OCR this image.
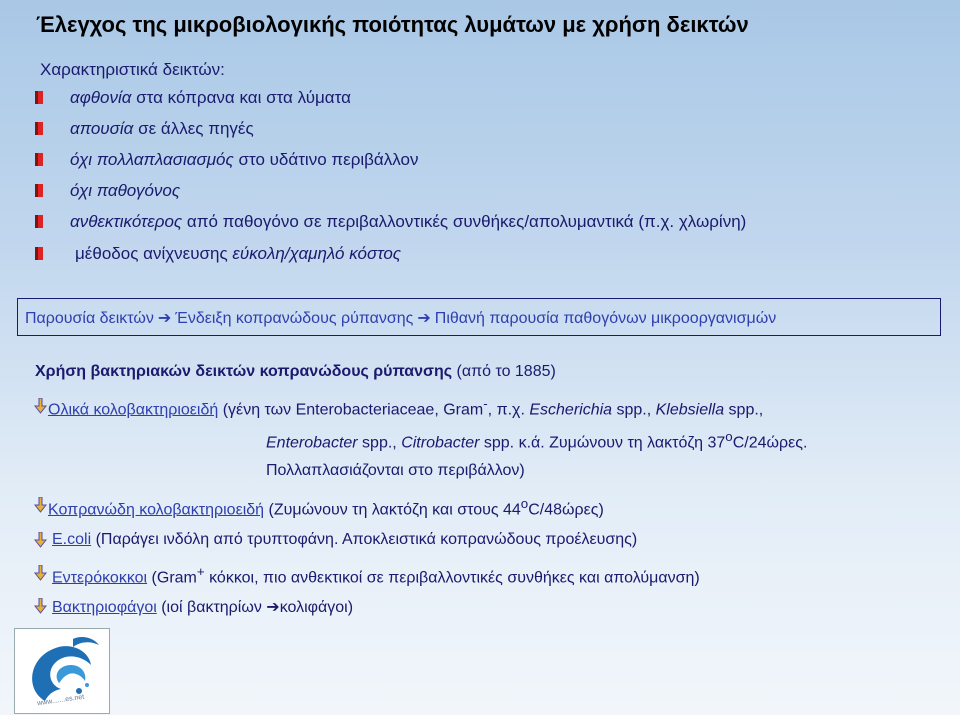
Έλεγχος της μικροβιολογικής ποιότητας λυμάτων με χρήση δεικτών
Χαρακτηριστικά δεικτών:
αφθονία στα κόπρανα και στα λύματα
απουσία σε άλλες πηγές
όχι πολλαπλασιασμός στο υδάτινο περιβάλλον
όχι παθογόνος
ανθεκτικότερος από παθογόνο σε περιβαλλοντικές συνθήκες/απολυμαντικά (π.χ. χλωρίνη)
μέθοδος ανίχνευσης εύκολη/χαμηλό κόστος
Παρουσία δεικτών ➔ Ένδειξη κοπρανώδους ρύπανσης ➔ Πιθανή παρουσία παθογόνων μικροοργανισμών
Χρήση βακτηριακών δεικτών κοπρανώδους ρύπανσης (από το 1885)
Ολικά κολοβακτηριοειδή (γένη των Enterobacteriaceae, Gram-, π.χ. Escherichia spp., Klebsiella spp.,
Enterobacter spp., Citrobacter spp. κ.ά. Ζυμώνουν τη λακτόζη $37^oC/24ώ\rho\varepsilon\varsigma$.
Πολλαπλασιάζονται στο περιβάλλον)
Κοπρανώδη κολοβακτηριοειδή (Ζυμώνουν τη λακτόζη και στους $44^oC/48ώ\rho\varepsilon\varsigma$)
E.coli (Παράγει ινδόλη από τρυπτοφάνη. Αποκλειστικά κοπρανώδους προέλευσης)
Εντερόκοκκοι (Gram+ κόκκοι, πιο ανθεκτικοί σε περιβαλλοντικές συνθήκες και απολύμανση)
Βακτηριοφάγοι (ιοί βακτηρίων ➔κολιφάγοι)
www.......es.net
